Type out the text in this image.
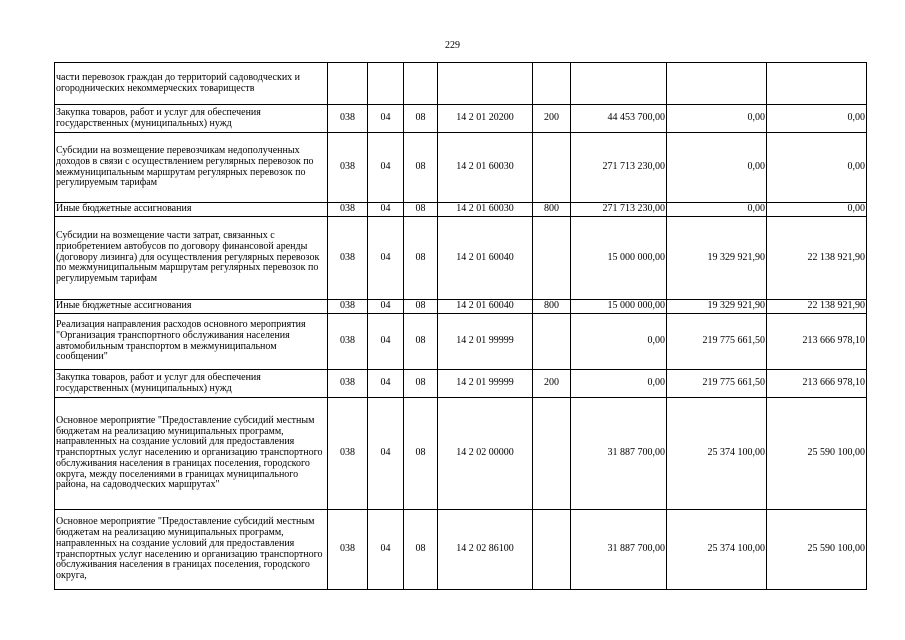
229
части перевозок граждан до территорий садоводческих и огороднических некоммерческих товариществ								
Закупка товаров, работ и услуг для обеспечения государственных (муниципальных) нужд	038	04	08	14 2 01 20200	200	44 453 700,00	0,00	0,00
Субсидии на возмещение перевозчикам недополученных доходов в связи с осуществлением регулярных перевозок по межмуниципальным маршрутам регулярных перевозок по регулируемым тарифам	038	04	08	14 2 01 60030		271 713 230,00	0,00	0,00
Иные бюджетные ассигнования	038	04	08	14 2 01 60030	800	271 713 230,00	0,00	0,00
Субсидии на возмещение части затрат, связанных с приобретением автобусов по договору финансовой аренды (договору лизинга) для осуществления регулярных перевозок по межмуниципальным маршрутам регулярных перевозок по регулируемым тарифам	038	04	08	14 2 01 60040		15 000 000,00	19 329 921,90	22 138 921,90
Иные бюджетные ассигнования	038	04	08	14 2 01 60040	800	15 000 000,00	19 329 921,90	22 138 921,90
Реализация направления расходов основного мероприятия "Организация транспортного обслуживания населения автомобильным транспортом в межмуниципальном сообщении"	038	04	08	14 2 01 99999		0,00	219 775 661,50	213 666 978,10
Закупка товаров, работ и услуг для обеспечения государственных (муниципальных) нужд	038	04	08	14 2 01 99999	200	0,00	219 775 661,50	213 666 978,10
Основное мероприятие "Предоставление субсидий местным бюджетам на реализацию муниципальных программ, направленных на создание условий для предоставления транспортных услуг населению и организацию транспортного обслуживания населения в границах поселения, городского округа, между поселениями в границах муниципального района, на садоводческих маршрутах"	038	04	08	14 2 02 00000		31 887 700,00	25 374 100,00	25 590 100,00
Основное мероприятие "Предоставление субсидий местным бюджетам на реализацию муниципальных программ, направленных на создание условий для предоставления транспортных услуг населению и организацию транспортного обслуживания населения в границах поселения, городского округа,	038	04	08	14 2 02 86100		31 887 700,00	25 374 100,00	25 590 100,00
